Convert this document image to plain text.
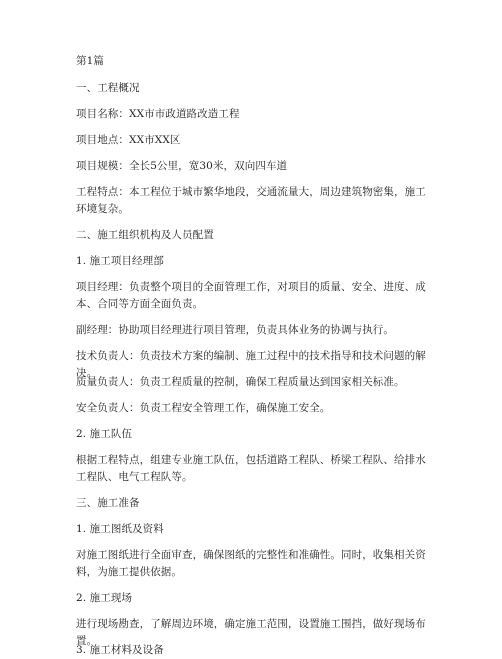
第1篇
一、工程概况
项目名称：XX市市政道路改造工程
项目地点：XX市XX区
项目规模：全长5公里，宽30米，双向四车道
工程特点：本工程位于城市繁华地段，交通流量大，周边建筑物密集，施工环境复杂。
二、施工组织机构及人员配置
1. 施工项目经理部
项目经理：负责整个项目的全面管理工作，对项目的质量、安全、进度、成本、合同等方面全面负责。
副经理：协助项目经理进行项目管理，负责具体业务的协调与执行。
技术负责人：负责技术方案的编制、施工过程中的技术指导和技术问题的解决。
质量负责人：负责工程质量的控制，确保工程质量达到国家相关标准。
安全负责人：负责工程安全管理工作，确保施工安全。
2. 施工队伍
根据工程特点，组建专业施工队伍，包括道路工程队、桥梁工程队、给排水工程队、电气工程队等。
三、施工准备
1. 施工图纸及资料
对施工图纸进行全面审查，确保图纸的完整性和准确性。同时，收集相关资料，为施工提供依据。
2. 施工现场
进行现场勘查，了解周边环境，确定施工范围，设置施工围挡，做好现场布置。
3. 施工材料及设备
